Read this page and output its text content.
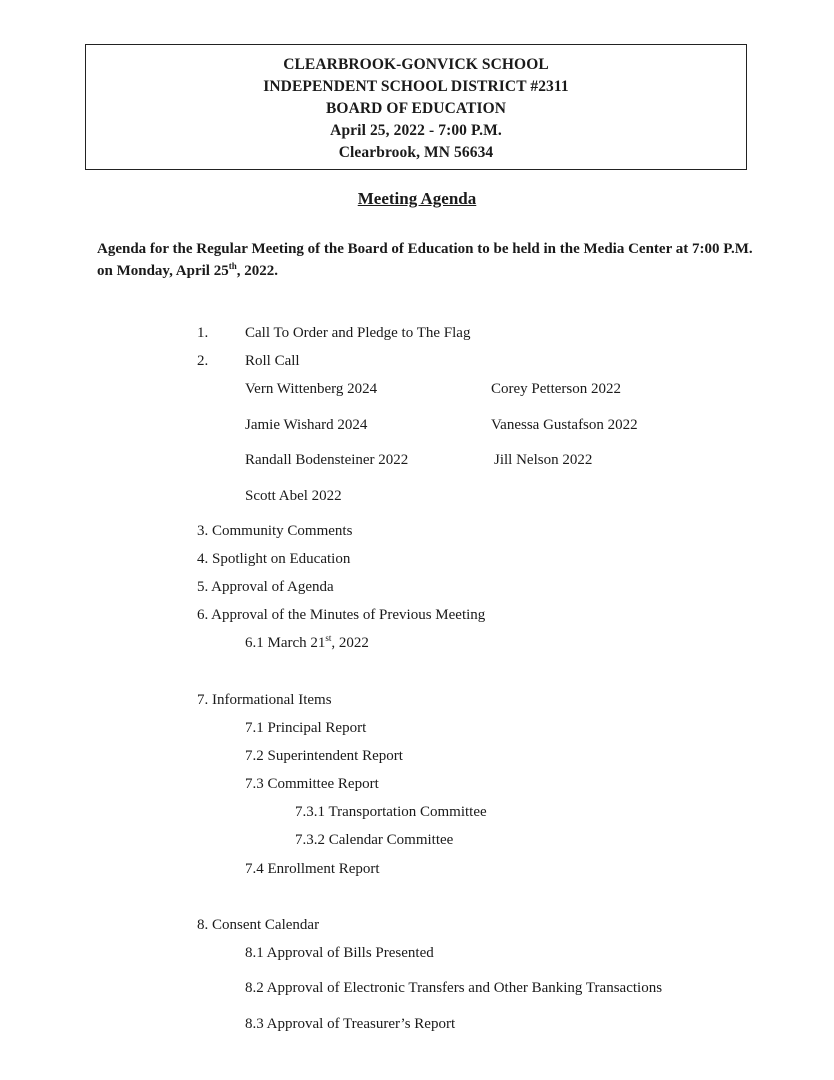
CLEARBROOK-GONVICK SCHOOL
INDEPENDENT SCHOOL DISTRICT #2311
BOARD OF EDUCATION
April 25, 2022 - 7:00 P.M.
Clearbrook, MN 56634
Meeting Agenda
Agenda for the Regular Meeting of the Board of Education to be held in the Media Center at 7:00 P.M. on Monday, April 25th, 2022.
1. Call To Order and Pledge to The Flag
2. Roll Call
Vern Wittenberg 2024	Corey Petterson 2022
Jamie Wishard 2024	Vanessa Gustafson 2022
Randall Bodensteiner 2022	Jill Nelson 2022
Scott Abel 2022
3. Community Comments
4. Spotlight on Education
5. Approval of Agenda
6. Approval of the Minutes of Previous Meeting
6.1 March 21st, 2022
7. Informational Items
7.1 Principal Report
7.2 Superintendent Report
7.3 Committee Report
7.3.1 Transportation Committee
7.3.2 Calendar Committee
7.4 Enrollment Report
8. Consent Calendar
8.1 Approval of Bills Presented
8.2 Approval of Electronic Transfers and Other Banking Transactions
8.3 Approval of Treasurer’s Report
